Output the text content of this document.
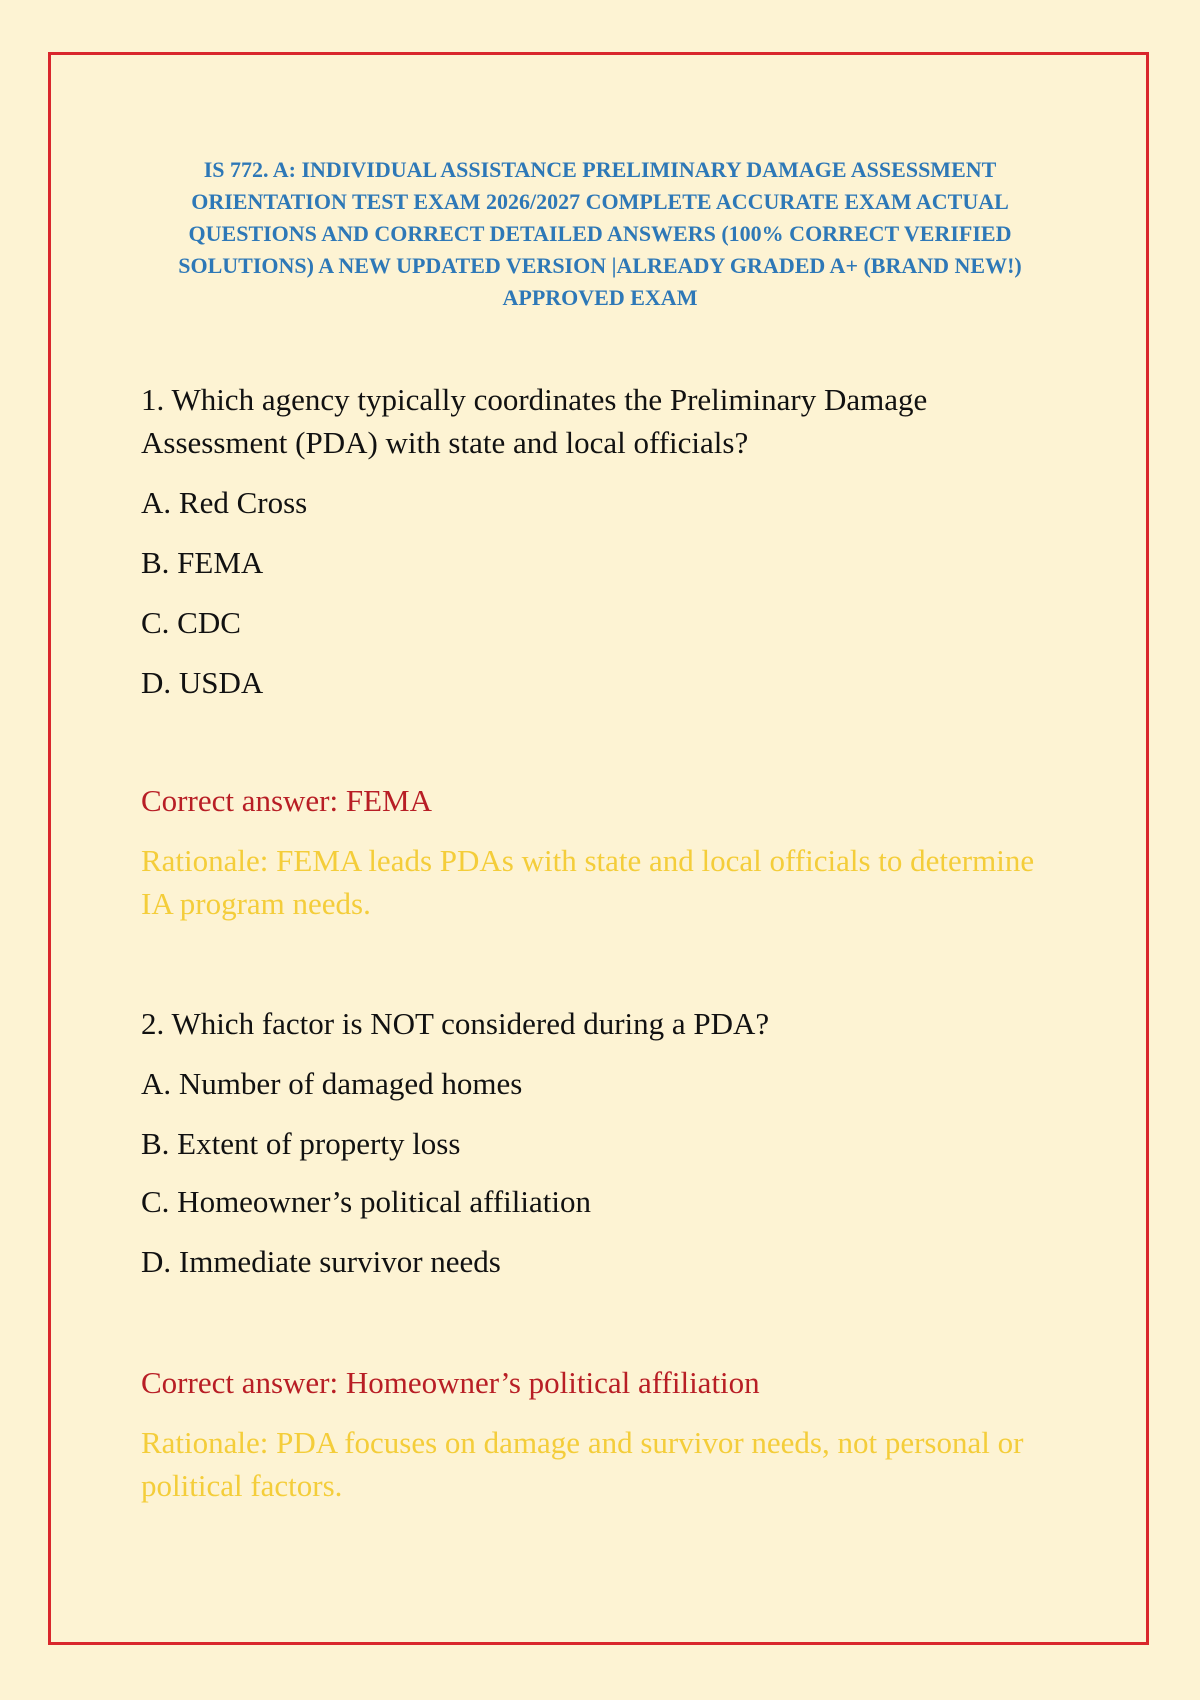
IS 772. A: INDIVIDUAL ASSISTANCE PRELIMINARY DAMAGE ASSESSMENT ORIENTATION TEST EXAM 2026/2027 COMPLETE ACCURATE EXAM ACTUAL QUESTIONS AND CORRECT DETAILED ANSWERS (100% CORRECT VERIFIED SOLUTIONS) A NEW UPDATED VERSION |ALREADY GRADED A+ (BRAND NEW!) APPROVED EXAM

1. Which agency typically coordinates the Preliminary Damage Assessment (PDA) with state and local officials?

A. Red Cross

B. FEMA

C. CDC

D. USDA

Correct answer: FEMA

Rationale: FEMA leads PDAs with state and local officials to determine IA program needs.

2. Which factor is NOT considered during a PDA?

A. Number of damaged homes

B. Extent of property loss

C. Homeowner’s political affiliation

D. Immediate survivor needs

Correct answer: Homeowner’s political affiliation

Rationale: PDA focuses on damage and survivor needs, not personal or political factors.
